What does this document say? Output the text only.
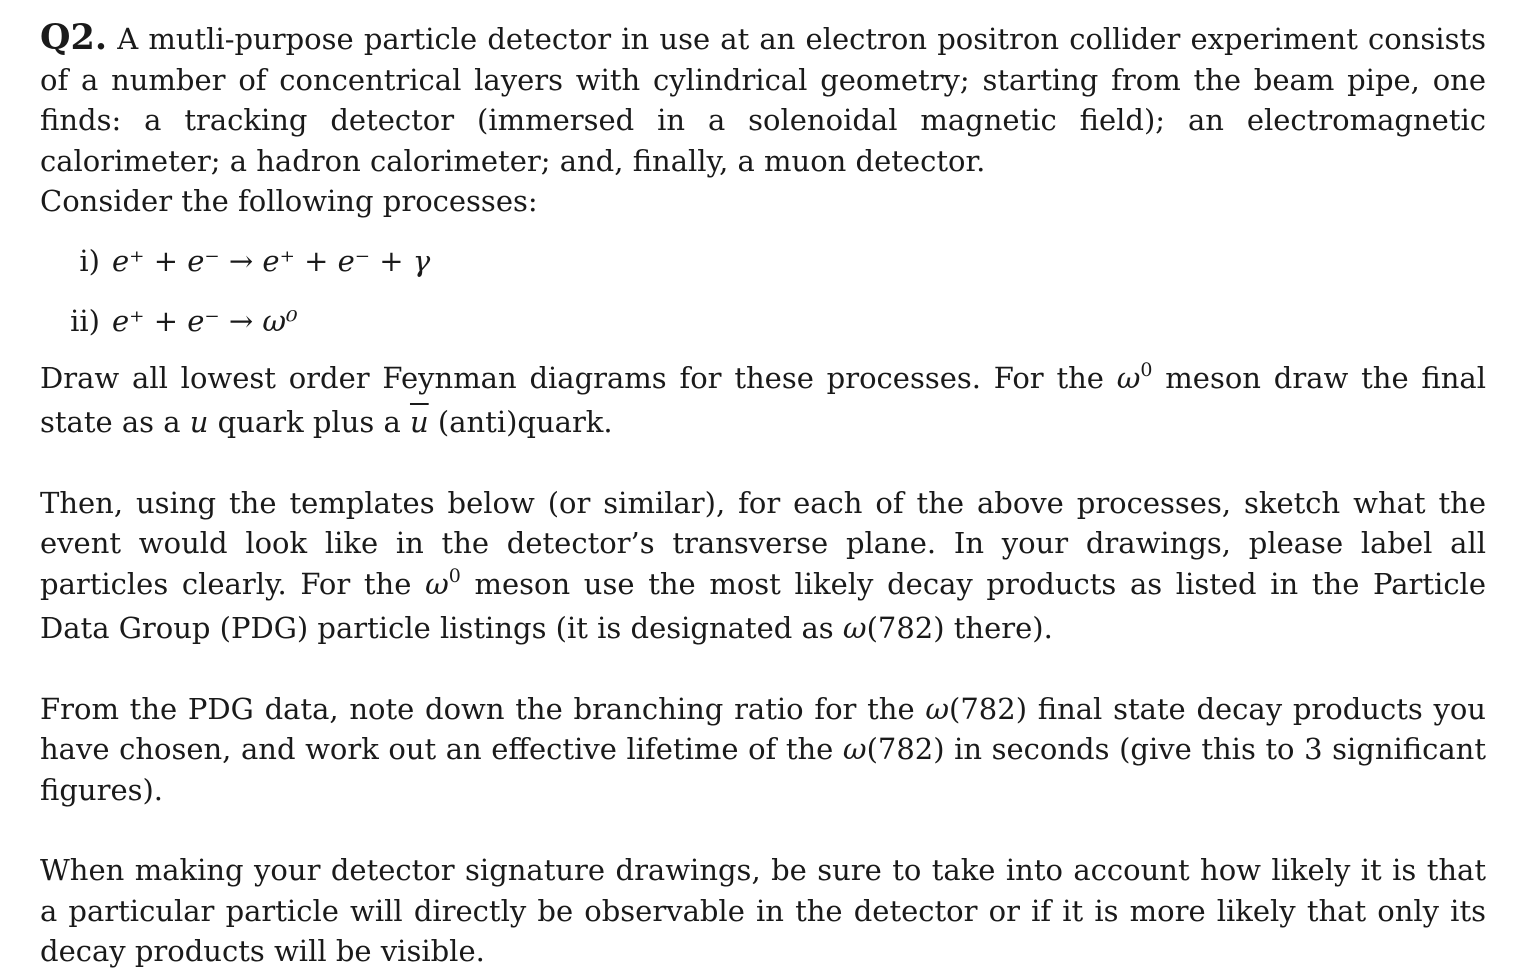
Q2. A mutli-purpose particle detector in use at an electron positron collider experiment consists of a number of concentrical layers with cylindrical geometry; starting from the beam pipe, one finds: a tracking detector (immersed in a solenoidal magnetic field); an electromagnetic calorimeter; a hadron calorimeter; and, finally, a muon detector.

Consider the following processes:

i) e⁺ + e⁻ → e⁺ + e⁻ + γ
ii) e⁺ + e⁻ → ω⁰

Draw all lowest order Feynman diagrams for these processes. For the $\omega^0$ meson draw the final state as a u quark plus a $\overline{u}$ (anti)quark.

Then, using the templates below (or similar), for each of the above processes, sketch what the event would look like in the detector’s transverse plane. In your drawings, please label all particles clearly. For the $\omega^0$ meson use the most likely decay products as listed in the Particle Data Group (PDG) particle listings (it is designated as ω(782) there).

From the PDG data, note down the branching ratio for the ω(782) final state decay products you have chosen, and work out an effective lifetime of the ω(782) in seconds (give this to 3 significant figures).

When making your detector signature drawings, be sure to take into account how likely it is that a particular particle will directly be observable in the detector or if it is more likely that only its decay products will be visible.
